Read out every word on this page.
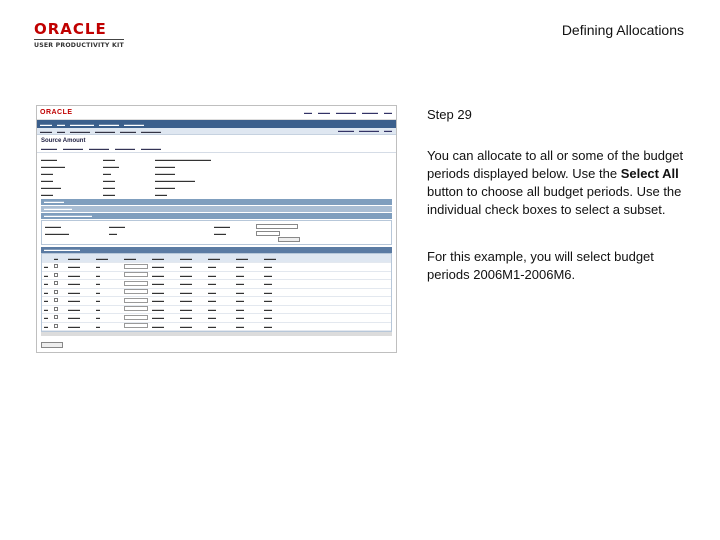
ORACLE
USER PRODUCTIVITY KIT
Defining Allocations
ORACLE	▬▬ ▬▬▬ ▬▬▬▬▬ ▬▬▬▬ ▬▬
▬▬▬ ▬▬ ▬▬▬▬▬▬ ▬▬▬▬▬ ▬▬▬▬▬
▬▬▬ ▬▬ ▬▬▬▬▬ ▬▬▬▬▬ ▬▬▬▬ ▬▬▬▬▬	▬▬▬▬ ▬▬▬▬▬ ▬▬
Source Amount
▬▬▬▬ ▬▬▬▬▬ ▬▬▬▬▬ ▬▬▬▬▬ ▬▬▬▬▬
▬▬▬▬	▬▬▬	▬▬▬▬▬▬▬▬▬▬▬▬▬▬
▬▬▬▬▬▬	▬▬▬▬	▬▬▬▬▬
▬▬▬	▬▬	▬▬▬▬▬
▬▬▬	▬▬▬	▬▬▬▬▬▬▬▬▬▬
▬▬▬▬▬	▬▬▬	▬▬▬▬▬
▬▬▬	▬▬▬	▬▬▬
▬▬▬▬▬
▬▬▬▬▬▬▬
▬▬▬▬▬▬▬▬▬▬▬▬
▬▬▬▬	▬▬▬▬	▬▬▬▬
▬▬▬▬▬▬	▬▬	▬▬▬
▬▬▬▬▬▬▬▬▬
▬	▬▬▬	▬▬▬	▬▬▬	▬▬▬	▬▬▬	▬▬▬	▬▬▬	▬▬▬
▬	▬▬▬	▬	▬▬▬	▬▬▬	▬▬	▬▬	▬▬
▬	▬▬▬	▬	▬▬▬	▬▬▬	▬▬	▬▬	▬▬
▬	▬▬▬	▬	▬▬▬	▬▬▬	▬▬	▬▬	▬▬
▬	▬▬▬	▬	▬▬▬	▬▬▬	▬▬	▬▬	▬▬
▬	▬▬▬	▬	▬▬▬	▬▬▬	▬▬	▬▬	▬▬
▬	▬▬▬	▬	▬▬▬	▬▬▬	▬▬	▬▬	▬▬
▬	▬▬▬	▬	▬▬▬	▬▬▬	▬▬	▬▬	▬▬
▬	▬▬▬	▬	▬▬▬	▬▬▬	▬▬	▬▬	▬▬
Step 29
You can allocate to all or some of the budget periods displayed below. Use the Select All button to choose all budget periods. Use the individual check boxes to select a subset.
For this example, you will select budget periods 2006M1-2006M6.
